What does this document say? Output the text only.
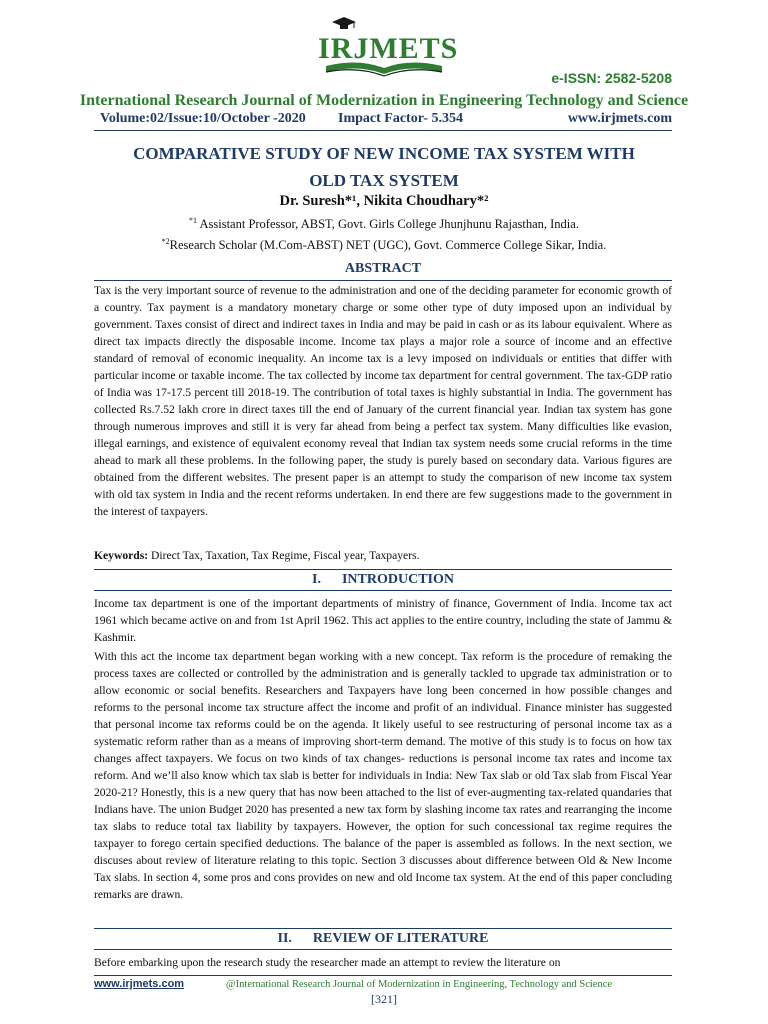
IRJMETS
e-ISSN: 2582-5208
International Research Journal of Modernization in Engineering Technology and Science
Volume:02/Issue:10/October -2020 Impact Factor- 5.354	www.irjmets.com
COMPARATIVE STUDY OF NEW INCOME TAX SYSTEM WITH
OLD TAX SYSTEM
Dr. Suresh*¹, Nikita Choudhary*²
$^{*1}$ Assistant Professor, ABST, Govt. Girls College Jhunjhunu Rajasthan, India.
$^{*2}$Research Scholar (M.Com-ABST) NET (UGC), Govt. Commerce College Sikar, India.
ABSTRACT
Tax is the very important source of revenue to the administration and one of the deciding parameter for economic growth of a country. Tax payment is a mandatory monetary charge or some other type of duty imposed upon an individual by government. Taxes consist of direct and indirect taxes in India and may be paid in cash or as its labour equivalent. Where as direct tax impacts directly the disposable income. Income tax plays a major role a source of income and an effective standard of removal of economic inequality. An income tax is a levy imposed on individuals or entities that differ with particular income or taxable income. The tax collected by income tax department for central government. The tax-GDP ratio of India was 17-17.5 percent till 2018-19. The contribution of total taxes is highly substantial in India. The government has collected Rs.7.52 lakh crore in direct taxes till the end of January of the current financial year. Indian tax system has gone through numerous improves and still it is very far ahead from being a perfect tax system. Many difficulties like evasion, illegal earnings, and existence of equivalent economy reveal that Indian tax system needs some crucial reforms in the time ahead to mark all these problems. In the following paper, the study is purely based on secondary data. Various figures are obtained from the different websites. The present paper is an attempt to study the comparison of new income tax system with old tax system in India and the recent reforms undertaken. In end there are few suggestions made to the government in the interest of taxpayers.
Keywords: Direct Tax, Taxation, Tax Regime, Fiscal year, Taxpayers.
I. INTRODUCTION
Income tax department is one of the important departments of ministry of finance, Government of India. Income tax act 1961 which became active on and from 1st April 1962. This act applies to the entire country, including the state of Jammu & Kashmir.
With this act the income tax department began working with a new concept. Tax reform is the procedure of remaking the process taxes are collected or controlled by the administration and is generally tackled to upgrade tax administration or to allow economic or social benefits. Researchers and Taxpayers have long been concerned in how possible changes and reforms to the personal income tax structure affect the income and profit of an individual. Finance minister has suggested that personal income tax reforms could be on the agenda. It likely useful to see restructuring of personal income tax as a systematic reform rather than as a means of improving short-term demand. The motive of this study is to focus on how tax changes affect taxpayers. We focus on two kinds of tax changes- reductions is personal income tax rates and income tax reform. And we’ll also know which tax slab is better for individuals in India: New Tax slab or old Tax slab from Fiscal Year 2020-21? Honestly, this is a new query that has now been attached to the list of ever-augmenting tax-related quandaries that Indians have. The union Budget 2020 has presented a new tax form by slashing income tax rates and rearranging the income tax slabs to reduce total tax liability by taxpayers. However, the option for such concessional tax regime requires the taxpayer to forego certain specified deductions. The balance of the paper is assembled as follows. In the next section, we discuses about review of literature relating to this topic. Section 3 discusses about difference between Old & New Income Tax slabs. In section 4, some pros and cons provides on new and old Income tax system. At the end of this paper concluding remarks are drawn.
II. REVIEW OF LITERATURE
Before embarking upon the research study the researcher made an attempt to review the literature on
www.irjmets.com	@International Research Journal of Modernization in Engineering, Technology and Science
[321]
